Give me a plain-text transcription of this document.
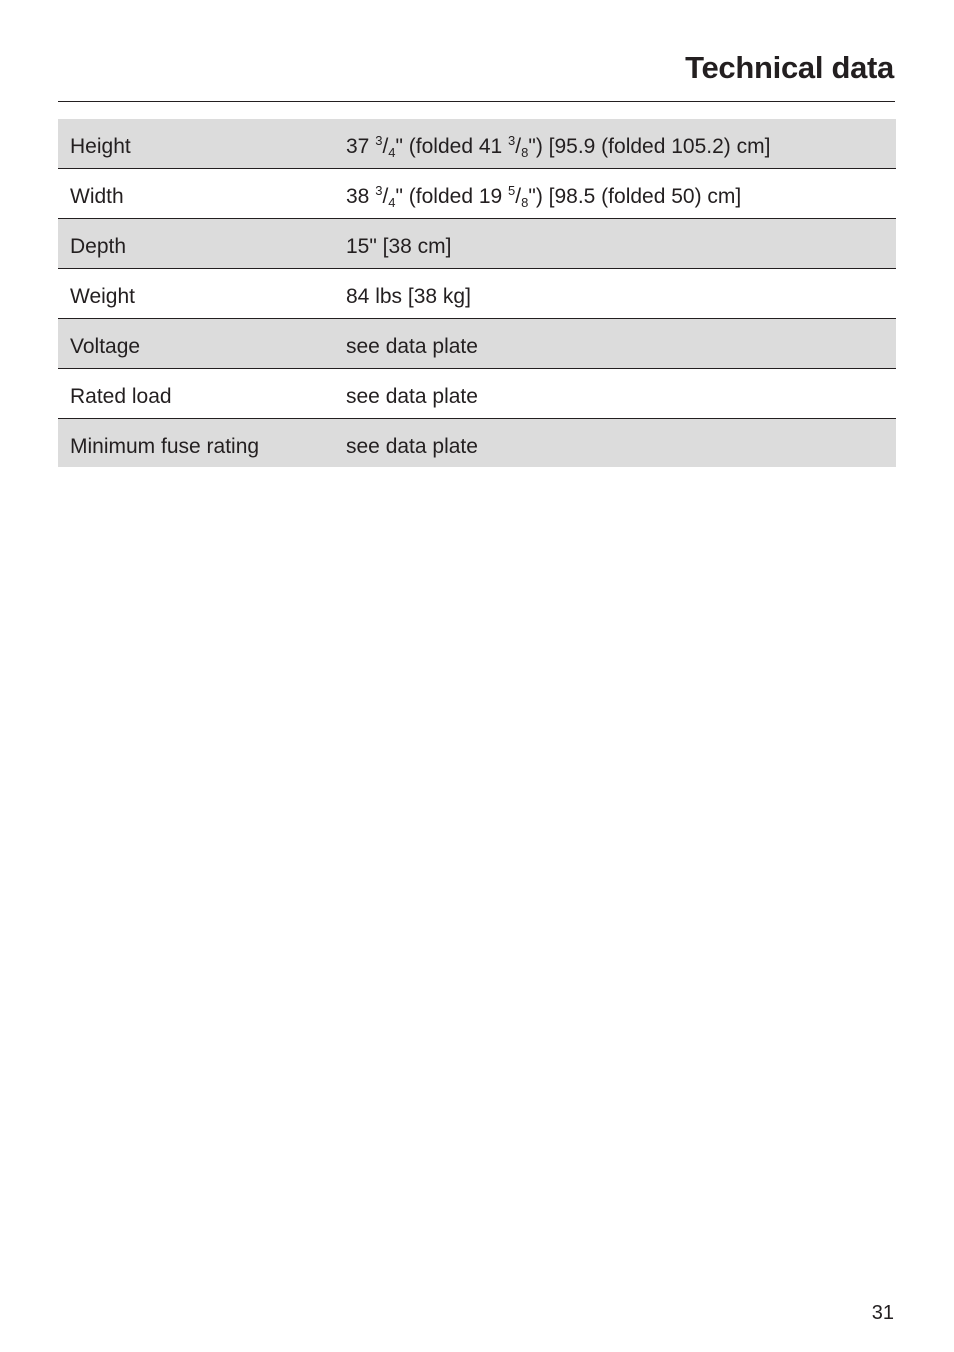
Technical data
Height	37 $^3/_4$" (folded 41 $^3/_8$") [95.9 (folded 105.2) cm]
Width	38 $^3/_4$" (folded 19 $^5/_8$") [98.5 (folded 50) cm]
Depth	15" [38 cm]
Weight	84 lbs [38 kg]
Voltage	see data plate
Rated load	see data plate
Minimum fuse rating	see data plate
31
